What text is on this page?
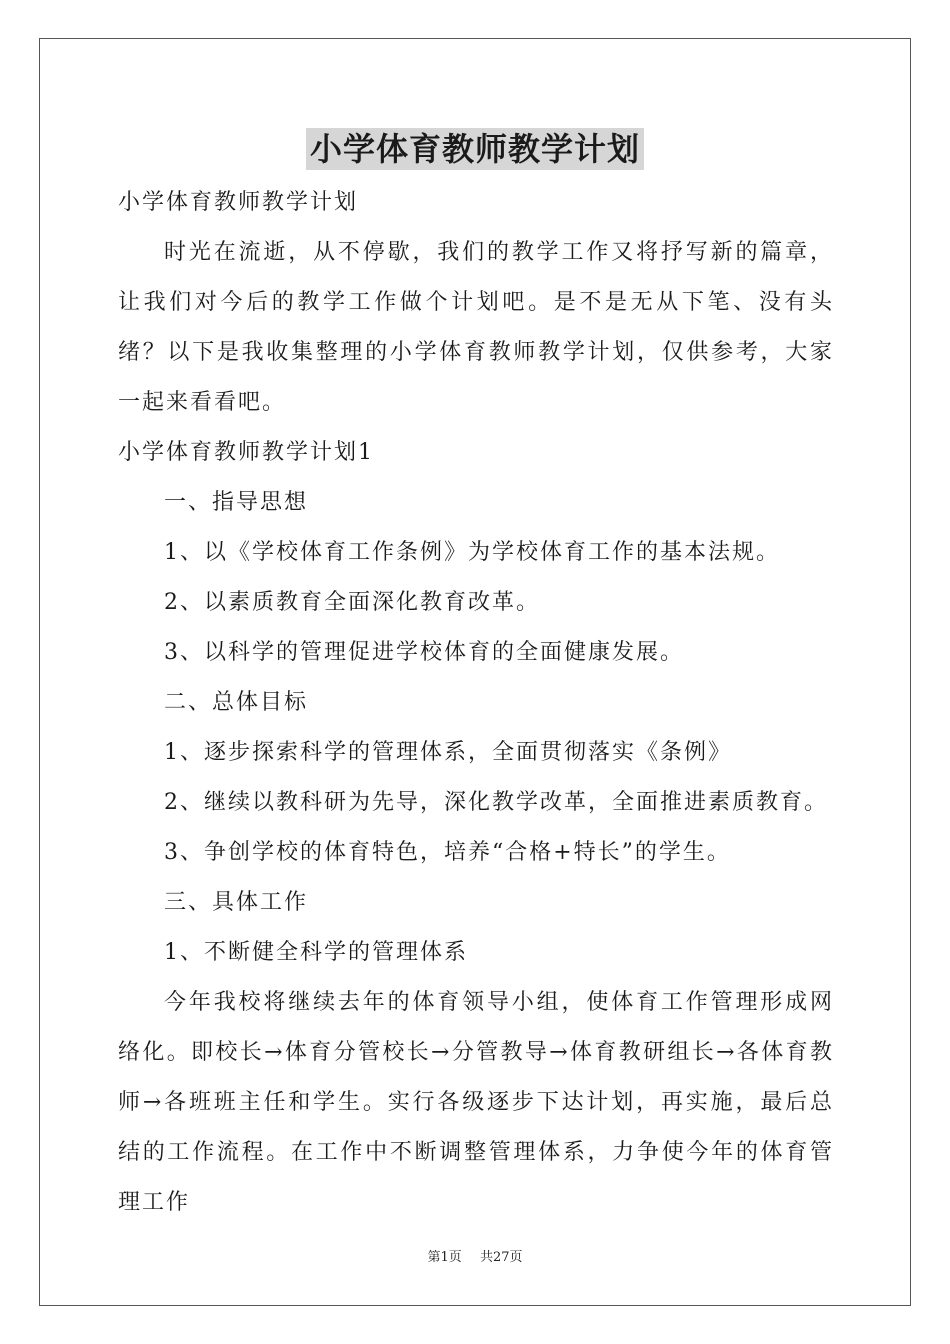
小学体育教师教学计划

小学体育教师教学计划

时光在流逝，从不停歇，我们的教学工作又将抒写新的篇章，让我们对今后的教学工作做个计划吧。是不是无从下笔、没有头绪？以下是我收集整理的小学体育教师教学计划，仅供参考，大家一起来看看吧。

小学体育教师教学计划1

一、指导思想

1、以《学校体育工作条例》为学校体育工作的基本法规。

2、以素质教育全面深化教育改革。

3、以科学的管理促进学校体育的全面健康发展。

二、总体目标

1、逐步探索科学的管理体系，全面贯彻落实《条例》

2、继续以教科研为先导，深化教学改革，全面推进素质教育。

3、争创学校的体育特色，培养“合格+特长”的学生。

三、具体工作

1、不断健全科学的管理体系

今年我校将继续去年的体育领导小组，使体育工作管理形成网络化。即校长→体育分管校长→分管教导→体育教研组长→各体育教师→各班班主任和学生。实行各级逐步下达计划，再实施，最后总结的工作流程。在工作中不断调整管理体系，力争使今年的体育管理工作

第1页 共27页
